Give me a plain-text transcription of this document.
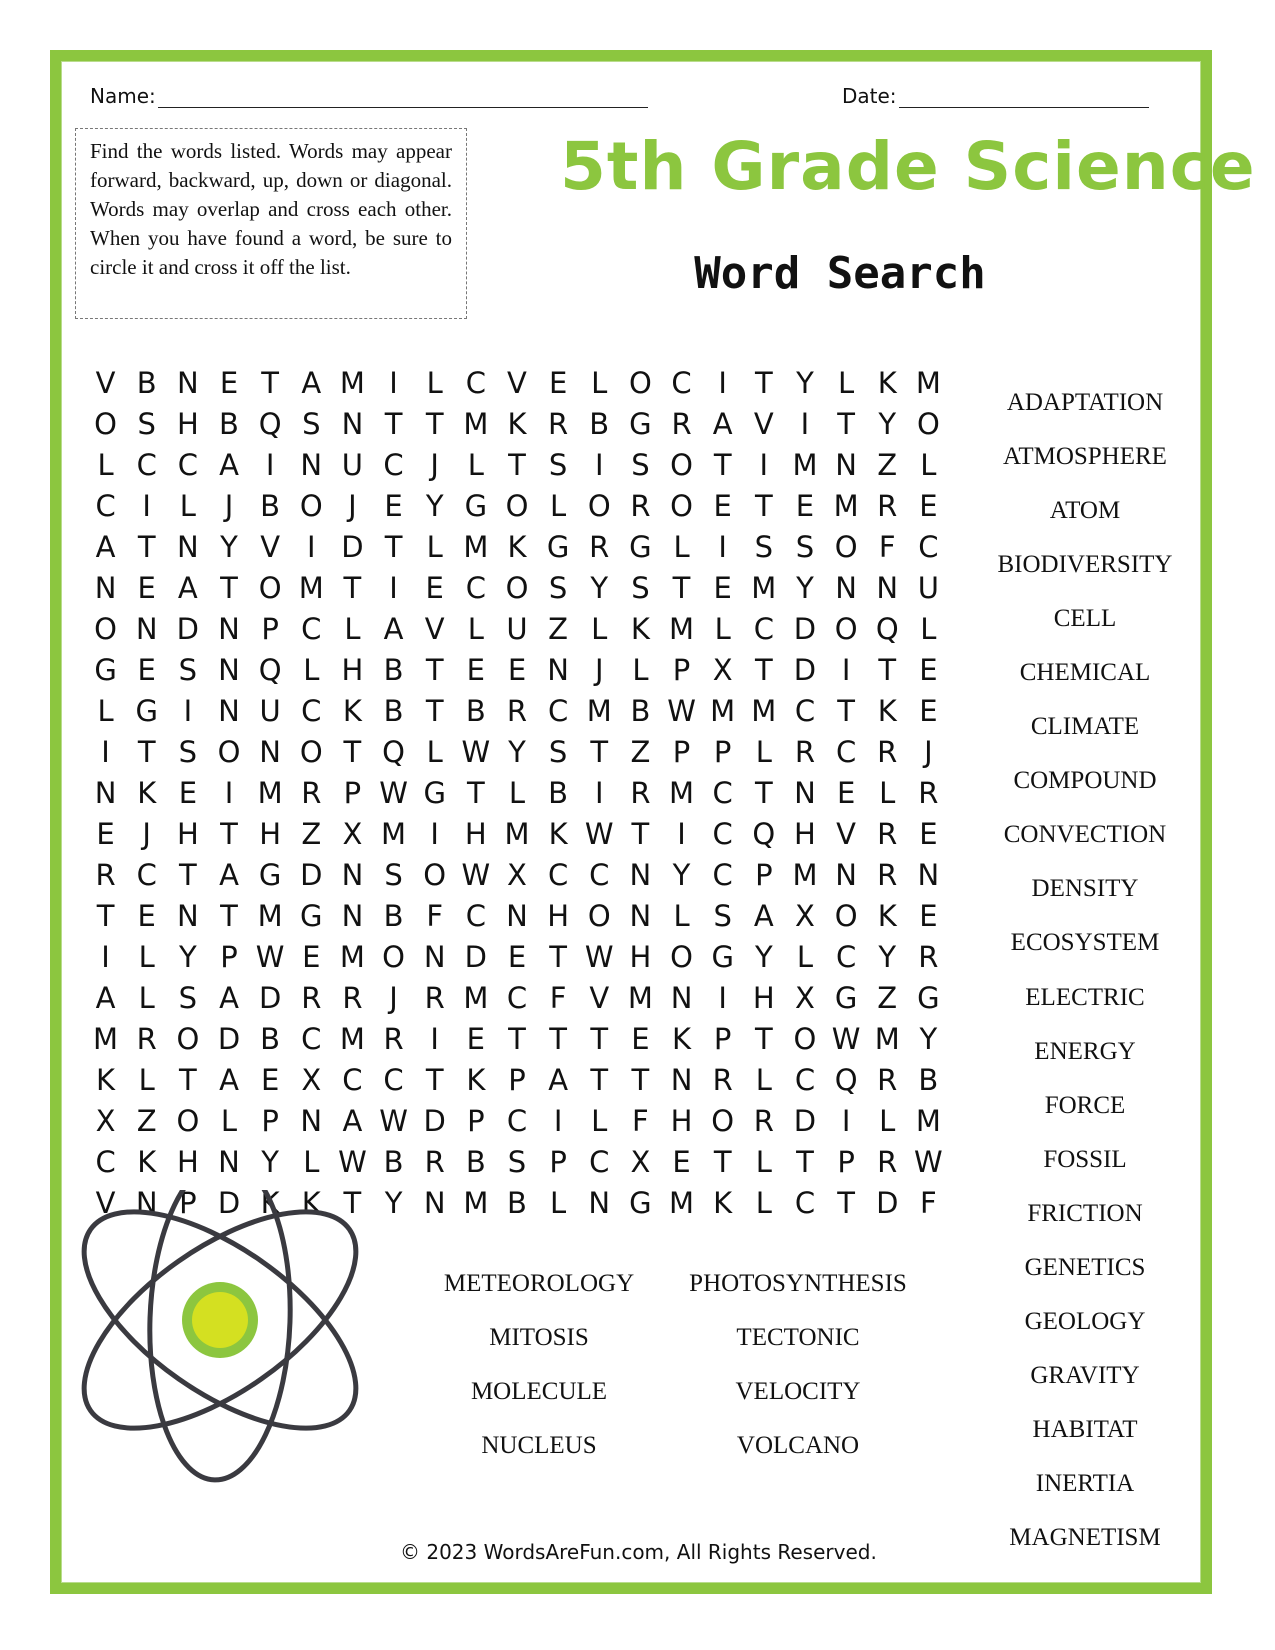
Name:	Date:
Find the words listed. Words may appear forward, backward, up, down or diagonal. Words may overlap and cross each other. When you have found a word, be sure to circle it and cross it off the list.
5th Grade Science
Word Search
V B N E T A M I L C V E L O C I T Y L K M
O S H B Q S N T T M K R B G R A V I T Y O
L C C A I N U C J L T S I S O T I M N Z L
C I L J B O J E Y G O L O R O E T E M R E
A T N Y V I D T L M K G R G L I S S O F C
N E A T O M T I E C O S Y S T E M Y N N U
O N D N P C L A V L U Z L K M L C D O Q L
G E S N Q L H B T E E N J L P X T D I T E
L G I N U C K B T B R C M B W M M C T K E
I T S O N O T Q L W Y S T Z P P L R C R J
N K E I M R P W G T L B I R M C T N E L R
E J H T H Z X M I H M K W T I C Q H V R E
R C T A G D N S O W X C C N Y C P M N R N
T E N T M G N B F C N H O N L S A X O K E
I L Y P W E M O N D E T W H O G Y L C Y R
A L S A D R R J R M C F V M N I H X G Z G
M R O D B C M R I E T T T E K P T O W M Y
K L T A E X C C T K P A T T N R L C Q R B
X Z O L P N A W D P C I L F H O R D I L M
C K H N Y L W B R B S P C X E T L T P R W
V N P D K K T Y N M B L N G M K L C T D F
ADAPTATION
ATMOSPHERE
ATOM
BIODIVERSITY
CELL
CHEMICAL
CLIMATE
COMPOUND
CONVECTION
DENSITY
ECOSYSTEM
ELECTRIC
ENERGY
FORCE
FOSSIL
FRICTION
GENETICS
GEOLOGY
GRAVITY
HABITAT
INERTIA
MAGNETISM
METEOROLOGY
MITOSIS
MOLECULE
NUCLEUS
PHOTOSYNTHESIS
TECTONIC
VELOCITY
VOLCANO
© 2023 WordsAreFun.com, All Rights Reserved.
